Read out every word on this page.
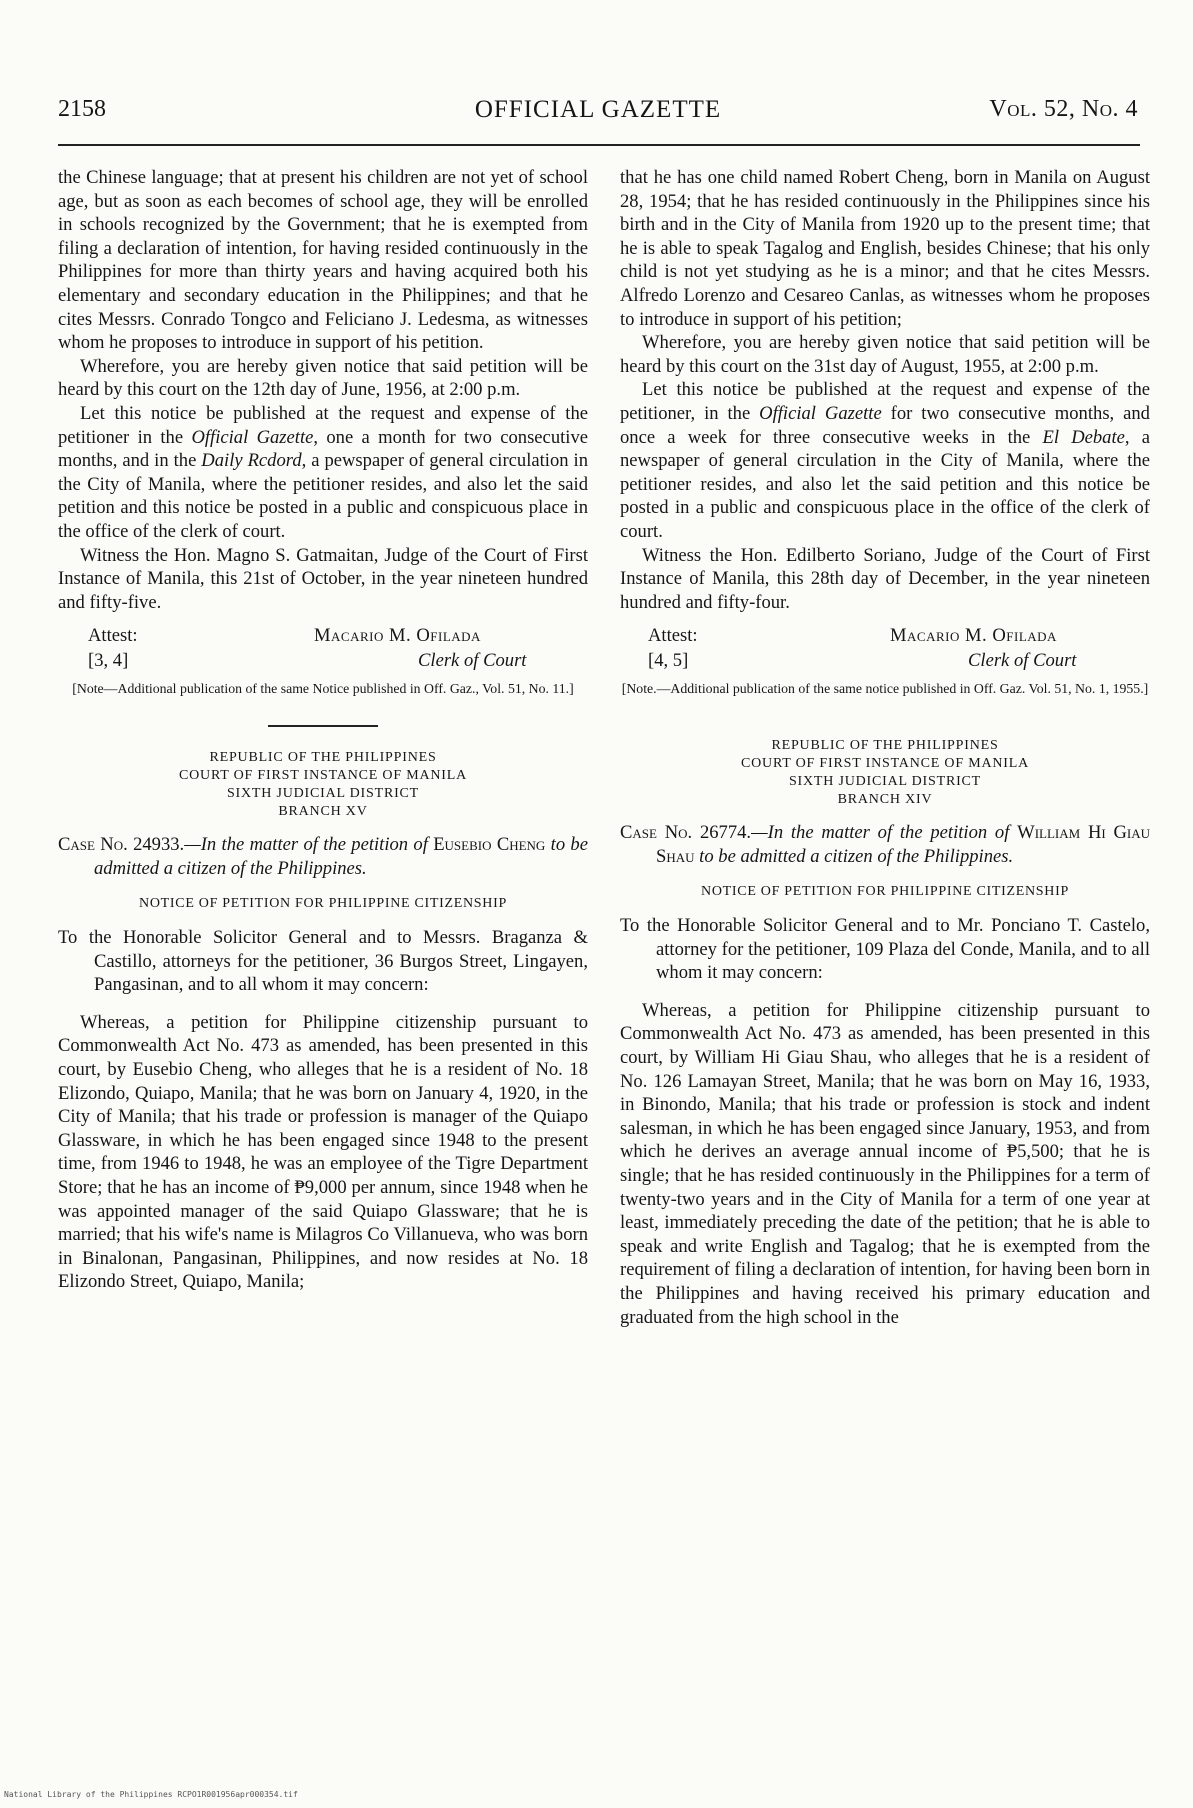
2158	OFFICIAL GAZETTE	Vol. 52, No. 4

the Chinese language; that at present his children are not yet of school age, but as soon as each becomes of school age, they will be enrolled in schools recognized by the Government; that he is exempted from filing a declaration of intention, for having resided continuously in the Philippines for more than thirty years and having acquired both his elementary and secondary education in the Philippines; and that he cites Messrs. Conrado Tongco and Feliciano J. Ledesma, as witnesses whom he proposes to introduce in support of his petition.

Wherefore, you are hereby given notice that said petition will be heard by this court on the 12th day of June, 1956, at 2:00 p.m.

Let this notice be published at the request and expense of the petitioner in the Official Gazette, one a month for two consecutive months, and in the Daily Rcdord, a pewspaper of general circulation in the City of Manila, where the petitioner resides, and also let the said petition and this notice be posted in a public and conspicuous place in the office of the clerk of court.

Witness the Hon. Magno S. Gatmaitan, Judge of the Court of First Instance of Manila, this 21st of October, in the year nineteen hundred and fifty-five.

Attest:	Macario M. Ofilada
[3, 4]	Clerk of Court

[Note—Additional publication of the same Notice published in Off. Gaz., Vol. 51, No. 11.]

REPUBLIC OF THE PHILIPPINES
COURT OF FIRST INSTANCE OF MANILA
SIXTH JUDICIAL DISTRICT
BRANCH XV

Case No. 24933.—In the matter of the petition of Eusebio Cheng to be admitted a citizen of the Philippines.

NOTICE OF PETITION FOR PHILIPPINE CITIZENSHIP

To the Honorable Solicitor General and to Messrs. Braganza & Castillo, attorneys for the petitioner, 36 Burgos Street, Lingayen, Pangasinan, and to all whom it may concern:

Whereas, a petition for Philippine citizenship pursuant to Commonwealth Act No. 473 as amended, has been presented in this court, by Eusebio Cheng, who alleges that he is a resident of No. 18 Elizondo, Quiapo, Manila; that he was born on January 4, 1920, in the City of Manila; that his trade or profession is manager of the Quiapo Glassware, in which he has been engaged since 1948 to the present time, from 1946 to 1948, he was an employee of the Tigre Department Store; that he has an income of ₱9,000 per annum, since 1948 when he was appointed manager of the said Quiapo Glassware; that he is married; that his wife's name is Milagros Co Villanueva, who was born in Binalonan, Pangasinan, Philippines, and now resides at No. 18 Elizondo Street, Quiapo, Manila;

that he has one child named Robert Cheng, born in Manila on August 28, 1954; that he has resided continuously in the Philippines since his birth and in the City of Manila from 1920 up to the present time; that he is able to speak Tagalog and English, besides Chinese; that his only child is not yet studying as he is a minor; and that he cites Messrs. Alfredo Lorenzo and Cesareo Canlas, as witnesses whom he proposes to introduce in support of his petition;

Wherefore, you are hereby given notice that said petition will be heard by this court on the 31st day of August, 1955, at 2:00 p.m.

Let this notice be published at the request and expense of the petitioner, in the Official Gazette for two consecutive months, and once a week for three consecutive weeks in the El Debate, a newspaper of general circulation in the City of Manila, where the petitioner resides, and also let the said petition and this notice be posted in a public and conspicuous place in the office of the clerk of court.

Witness the Hon. Edilberto Soriano, Judge of the Court of First Instance of Manila, this 28th day of December, in the year nineteen hundred and fifty-four.

Attest:	Macario M. Ofilada
[4, 5]	Clerk of Court

[Note.—Additional publication of the same notice published in Off. Gaz. Vol. 51, No. 1, 1955.]

REPUBLIC OF THE PHILIPPINES
COURT OF FIRST INSTANCE OF MANILA
SIXTH JUDICIAL DISTRICT
BRANCH XIV

Case No. 26774.—In the matter of the petition of William Hi Giau Shau to be admitted a citizen of the Philippines.

NOTICE OF PETITION FOR PHILIPPINE CITIZENSHIP

To the Honorable Solicitor General and to Mr. Ponciano T. Castelo, attorney for the petitioner, 109 Plaza del Conde, Manila, and to all whom it may concern:

Whereas, a petition for Philippine citizenship pursuant to Commonwealth Act No. 473 as amended, has been presented in this court, by William Hi Giau Shau, who alleges that he is a resident of No. 126 Lamayan Street, Manila; that he was born on May 16, 1933, in Binondo, Manila; that his trade or profession is stock and indent salesman, in which he has been engaged since January, 1953, and from which he derives an average annual income of ₱5,500; that he is single; that he has resided continuously in the Philippines for a term of twenty-two years and in the City of Manila for a term of one year at least, immediately preceding the date of the petition; that he is able to speak and write English and Tagalog; that he is exempted from the requirement of filing a declaration of intention, for having been born in the Philippines and having received his primary education and graduated from the high school in the

National Library of the Philippines RCPO1R001956apr000354.tif
